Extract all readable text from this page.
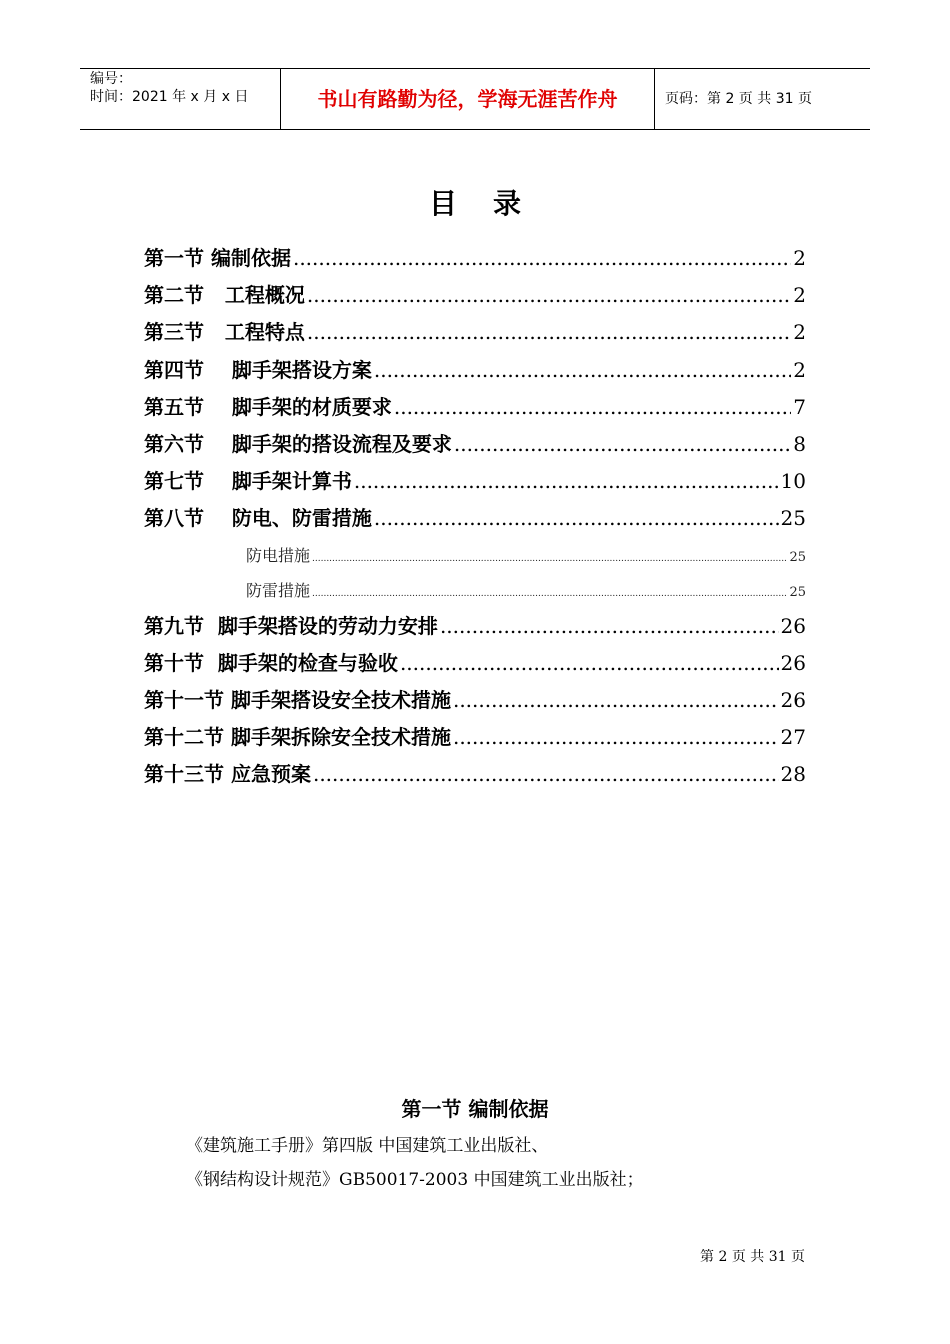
编号：
时间：2021 年 x 月 x 日	书山有路勤为径，学海无涯苦作舟	页码：第 2 页 共 31 页
目录
第一节 编制依据 .....	2
第二节 工程概况 .....	2
第三节 工程特点 .....	2
第四节 脚手架搭设方案 .....	2
第五节 脚手架的材质要求 .....	7
第六节 脚手架的搭设流程及要求 .....	8
第七节 脚手架计算书 .....	10
第八节 防电、防雷措施 .....	25
防电措施 .....	25
防雷措施 .....	25
第九节 脚手架搭设的劳动力安排 .....	26
第十节 脚手架的检查与验收 .....	26
第十一节 脚手架搭设安全技术措施 .....	26
第十二节 脚手架拆除安全技术措施 .....	27
第十三节 应急预案 .....	28
第一节 编制依据
《建筑施工手册》第四版 中国建筑工业出版社、
《钢结构设计规范》GB50017-2003 中国建筑工业出版社；
第 2 页 共 31 页
